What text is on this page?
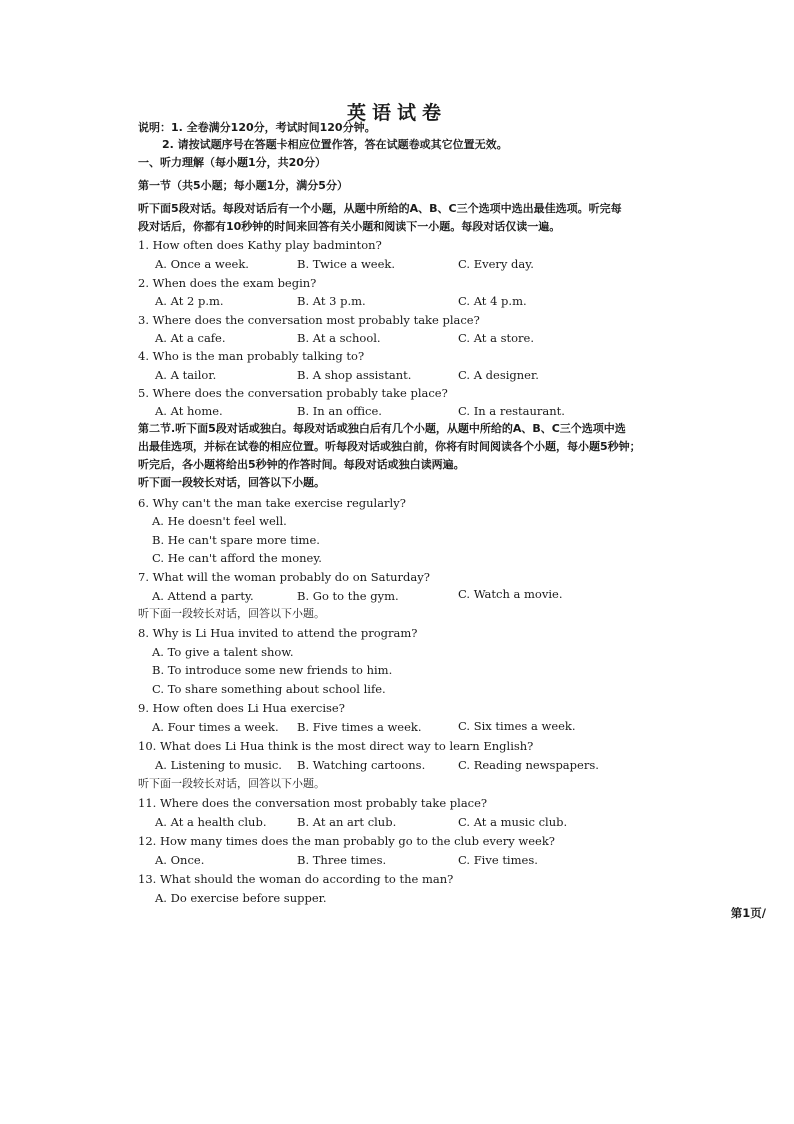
英语试卷
说明：1. 全卷满分120分，考试时间120分钟。
2. 请按试题序号在答题卡相应位置作答，答在试题卷或其它位置无效。
一、听力理解（每小题1分，共20分）
第一节（共5小题；每小题1分，满分5分）
听下面5段对话。每段对话后有一个小题，从题中所给的A、B、C三个选项中选出最佳选项。听完每
段对话后，你都有10秒钟的时间来回答有关小题和阅读下一小题。每段对话仅读一遍。
1. How often does Kathy play badminton?
A. Once a week.	B. Twice a week.	C. Every day.
2. When does the exam begin?
A. At 2 p.m.	B. At 3 p.m.	C. At 4 p.m.
3. Where does the conversation most probably take place?
A. At a cafe.	B. At a school.	C. At a store.
4. Who is the man probably talking to?
A. A tailor.	B. A shop assistant.	C. A designer.
5. Where does the conversation probably take place?
A. At home.	B. In an office.	C. In a restaurant.
第二节.听下面5段对话或独白。每段对话或独白后有几个小题，从题中所给的A、B、C三个选项中选
出最佳选项，并标在试卷的相应位置。听每段对话或独白前，你将有时间阅读各个小题，每小题5秒钟；
听完后，各小题将给出5秒钟的作答时间。每段对话或独白读两遍。
听下面一段较长对话，回答以下小题。
6. Why can't the man take exercise regularly?
A. He doesn't feel well.
B. He can't spare more time.
C. He can't afford the money.
7. What will the woman probably do on Saturday?
A. Attend a party.	B. Go to the gym.	C. Watch a movie.
听下面一段较长对话，回答以下小题。
8. Why is Li Hua invited to attend the program?
A. To give a talent show.
B. To introduce some new friends to him.
C. To share something about school life.
9. How often does Li Hua exercise?
A. Four times a week. B. Five times a week.	C. Six times a week.
10. What does Li Hua think is the most direct way to learn English?
A. Listening to music. B. Watching cartoons.	C. Reading newspapers.
听下面一段较长对话，回答以下小题。
11. Where does the conversation most probably take place?
A. At a health club.	B. At an art club.	C. At a music club.
12. How many times does the man probably go to the club every week?
A. Once.	B. Three times.	C. Five times.
13. What should the woman do according to the man?
A. Do exercise before supper.
第1页/
